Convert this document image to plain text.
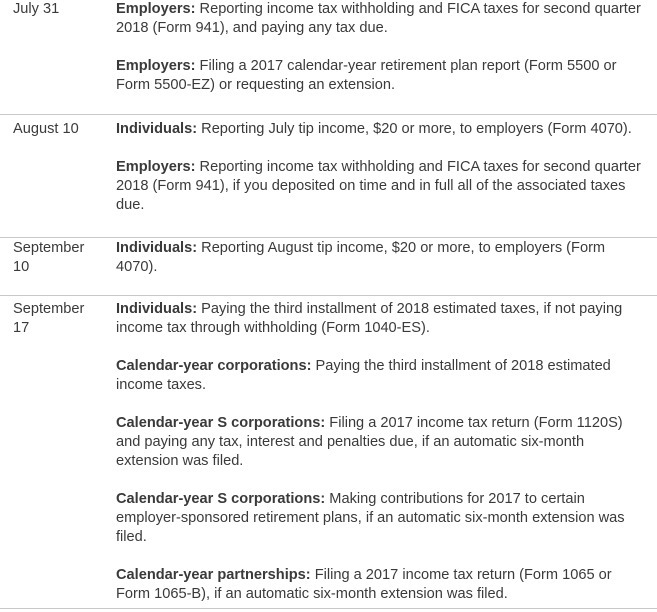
July 31	Employers: Reporting income tax withholding and FICA taxes for second quarter 2018 (Form 941), and paying any tax due.

Employers: Filing a 2017 calendar-year retirement plan report (Form 5500 or Form 5500-EZ) or requesting an extension.

August 10	Individuals: Reporting July tip income, $20 or more, to employers (Form 4070).

Employers: Reporting income tax withholding and FICA taxes for second quarter 2018 (Form 941), if you deposited on time and in full all of the associated taxes due.

September 10

Individuals: Reporting August tip income, $20 or more, to employers (Form 4070).

September 17

Individuals: Paying the third installment of 2018 estimated taxes, if not paying income tax through withholding (Form 1040-ES).

Calendar-year corporations: Paying the third installment of 2018 estimated income taxes.

Calendar-year S corporations: Filing a 2017 income tax return (Form 1120S) and paying any tax, interest and penalties due, if an automatic six-month extension was filed.

Calendar-year S corporations: Making contributions for 2017 to certain employer-sponsored retirement plans, if an automatic six-month extension was filed.

Calendar-year partnerships: Filing a 2017 income tax return (Form 1065 or Form 1065-B), if an automatic six-month extension was filed.
